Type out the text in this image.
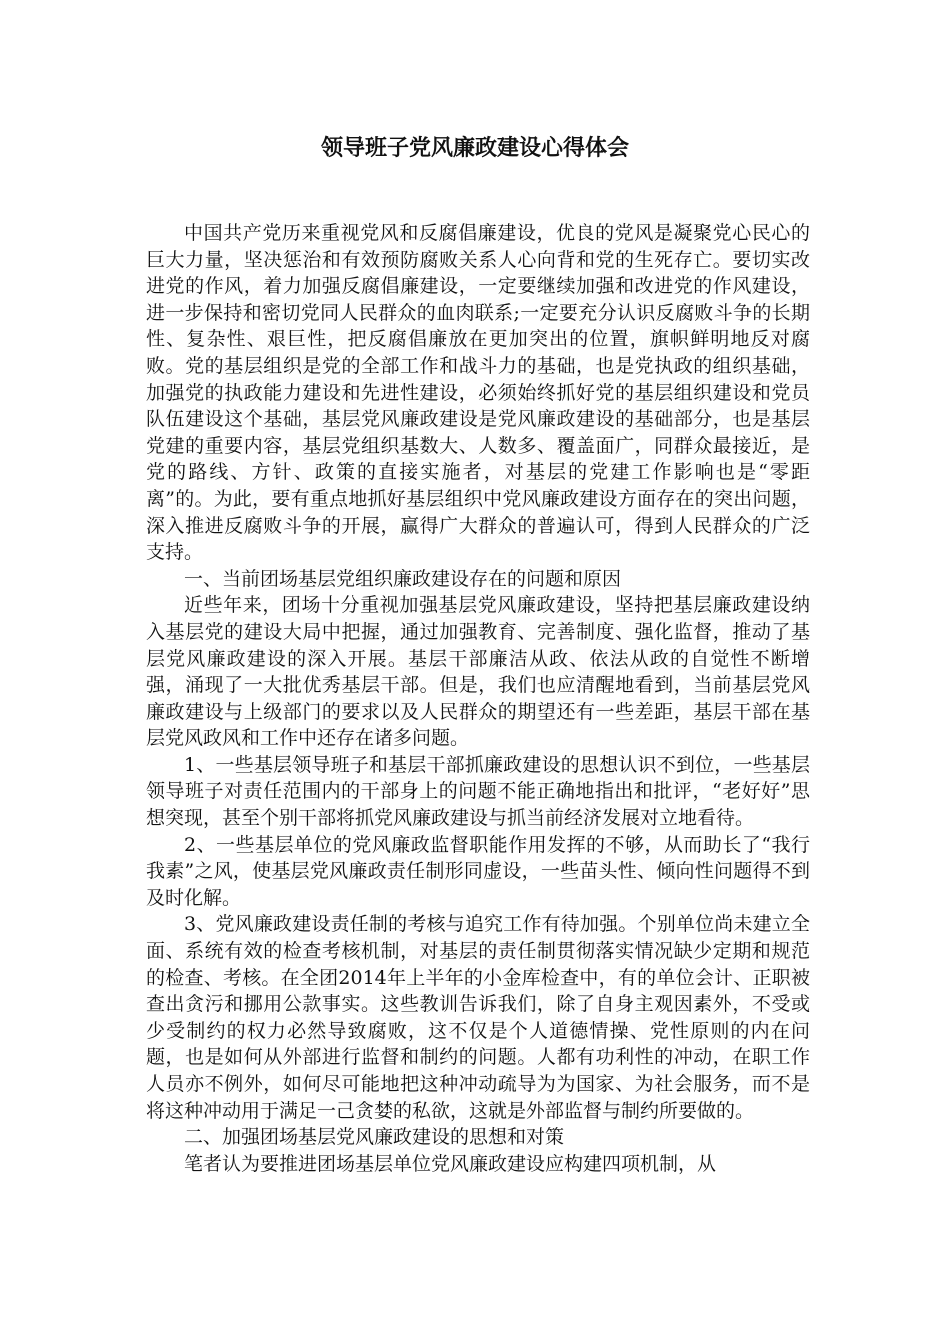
领导班子党风廉政建设心得体会

中国共产党历来重视党风和反腐倡廉建设，优良的党风是凝聚党心民心的巨大力量，坚决惩治和有效预防腐败关系人心向背和党的生死存亡。要切实改进党的作风，着力加强反腐倡廉建设，一定要继续加强和改进党的作风建设，进一步保持和密切党同人民群众的血肉联系;一定要充分认识反腐败斗争的长期性、复杂性、艰巨性，把反腐倡廉放在更加突出的位置，旗帜鲜明地反对腐败。党的基层组织是党的全部工作和战斗力的基础，也是党执政的组织基础，加强党的执政能力建设和先进性建设，必须始终抓好党的基层组织建设和党员队伍建设这个基础，基层党风廉政建设是党风廉政建设的基础部分，也是基层党建的重要内容，基层党组织基数大、人数多、覆盖面广，同群众最接近，是党的路线、方针、政策的直接实施者，对基层的党建工作影响也是“零距离”的。为此，要有重点地抓好基层组织中党风廉政建设方面存在的突出问题，深入推进反腐败斗争的开展，赢得广大群众的普遍认可，得到人民群众的广泛支持。

一、当前团场基层党组织廉政建设存在的问题和原因

近些年来，团场十分重视加强基层党风廉政建设，坚持把基层廉政建设纳入基层党的建设大局中把握，通过加强教育、完善制度、强化监督，推动了基层党风廉政建设的深入开展。基层干部廉洁从政、依法从政的自觉性不断增强，涌现了一大批优秀基层干部。但是，我们也应清醒地看到，当前基层党风廉政建设与上级部门的要求以及人民群众的期望还有一些差距，基层干部在基层党风政风和工作中还存在诸多问题。

1、一些基层领导班子和基层干部抓廉政建设的思想认识不到位，一些基层领导班子对责任范围内的干部身上的问题不能正确地指出和批评，“老好好”思想突现，甚至个别干部将抓党风廉政建设与抓当前经济发展对立地看待。

2、一些基层单位的党风廉政监督职能作用发挥的不够，从而助长了“我行我素”之风，使基层党风廉政责任制形同虚设，一些苗头性、倾向性问题得不到及时化解。

3、党风廉政建设责任制的考核与追究工作有待加强。个别单位尚未建立全面、系统有效的检查考核机制，对基层的责任制贯彻落实情况缺少定期和规范的检查、考核。在全团2014年上半年的小金库检查中，有的单位会计、正职被查出贪污和挪用公款事实。这些教训告诉我们，除了自身主观因素外，不受或少受制约的权力必然导致腐败，这不仅是个人道德情操、党性原则的内在问题，也是如何从外部进行监督和制约的问题。人都有功利性的冲动，在职工作人员亦不例外，如何尽可能地把这种冲动疏导为为国家、为社会服务，而不是将这种冲动用于满足一己贪婪的私欲，这就是外部监督与制约所要做的。

二、加强团场基层党风廉政建设的思想和对策

笔者认为要推进团场基层单位党风廉政建设应构建四项机制，从
